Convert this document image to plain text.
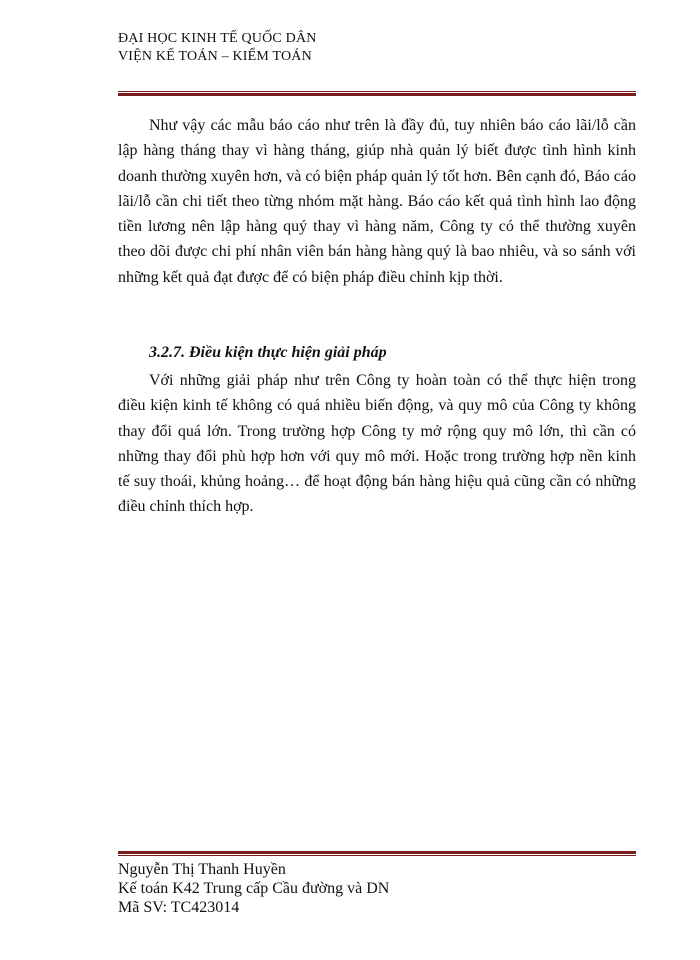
ĐẠI HỌC KINH TẾ QUỐC DÂN
VIỆN KẾ TOÁN – KIỂM TOÁN

Như vậy các mẫu báo cáo như trên là đầy đủ, tuy nhiên báo cáo lãi/lỗ cần lập hàng tháng thay vì hàng tháng, giúp nhà quản lý biết được tình hình kinh doanh thường xuyên hơn, và có biện pháp quản lý tốt hơn. Bên cạnh đó, Báo cáo lãi/lỗ cần chi tiết theo từng nhóm mặt hàng. Báo cáo kết quả tình hình lao động tiền lương nên lập hàng quý thay vì hàng năm, Công ty có thể thường xuyên theo dõi được chi phí nhân viên bán hàng hàng quý là bao nhiêu, và so sánh với những kết quả đạt được để có biện pháp điều chỉnh kịp thời.

3.2.7. Điều kiện thực hiện giải pháp

Với những giải pháp như trên Công ty hoàn toàn có thể thực hiện trong điều kiện kinh tế không có quá nhiều biến động, và quy mô của Công ty không thay đổi quá lớn. Trong trường hợp Công ty mở rộng quy mô lớn, thì cần có những thay đổi phù hợp hơn với quy mô mới. Hoặc trong trường hợp nền kinh tế suy thoái, khủng hoảng… để hoạt động bán hàng hiệu quả cũng cần có những điều chỉnh thích hợp.

Nguyễn Thị Thanh Huyền
Kế toán K42 Trung cấp Cầu đường và DN
Mã SV: TC423014
